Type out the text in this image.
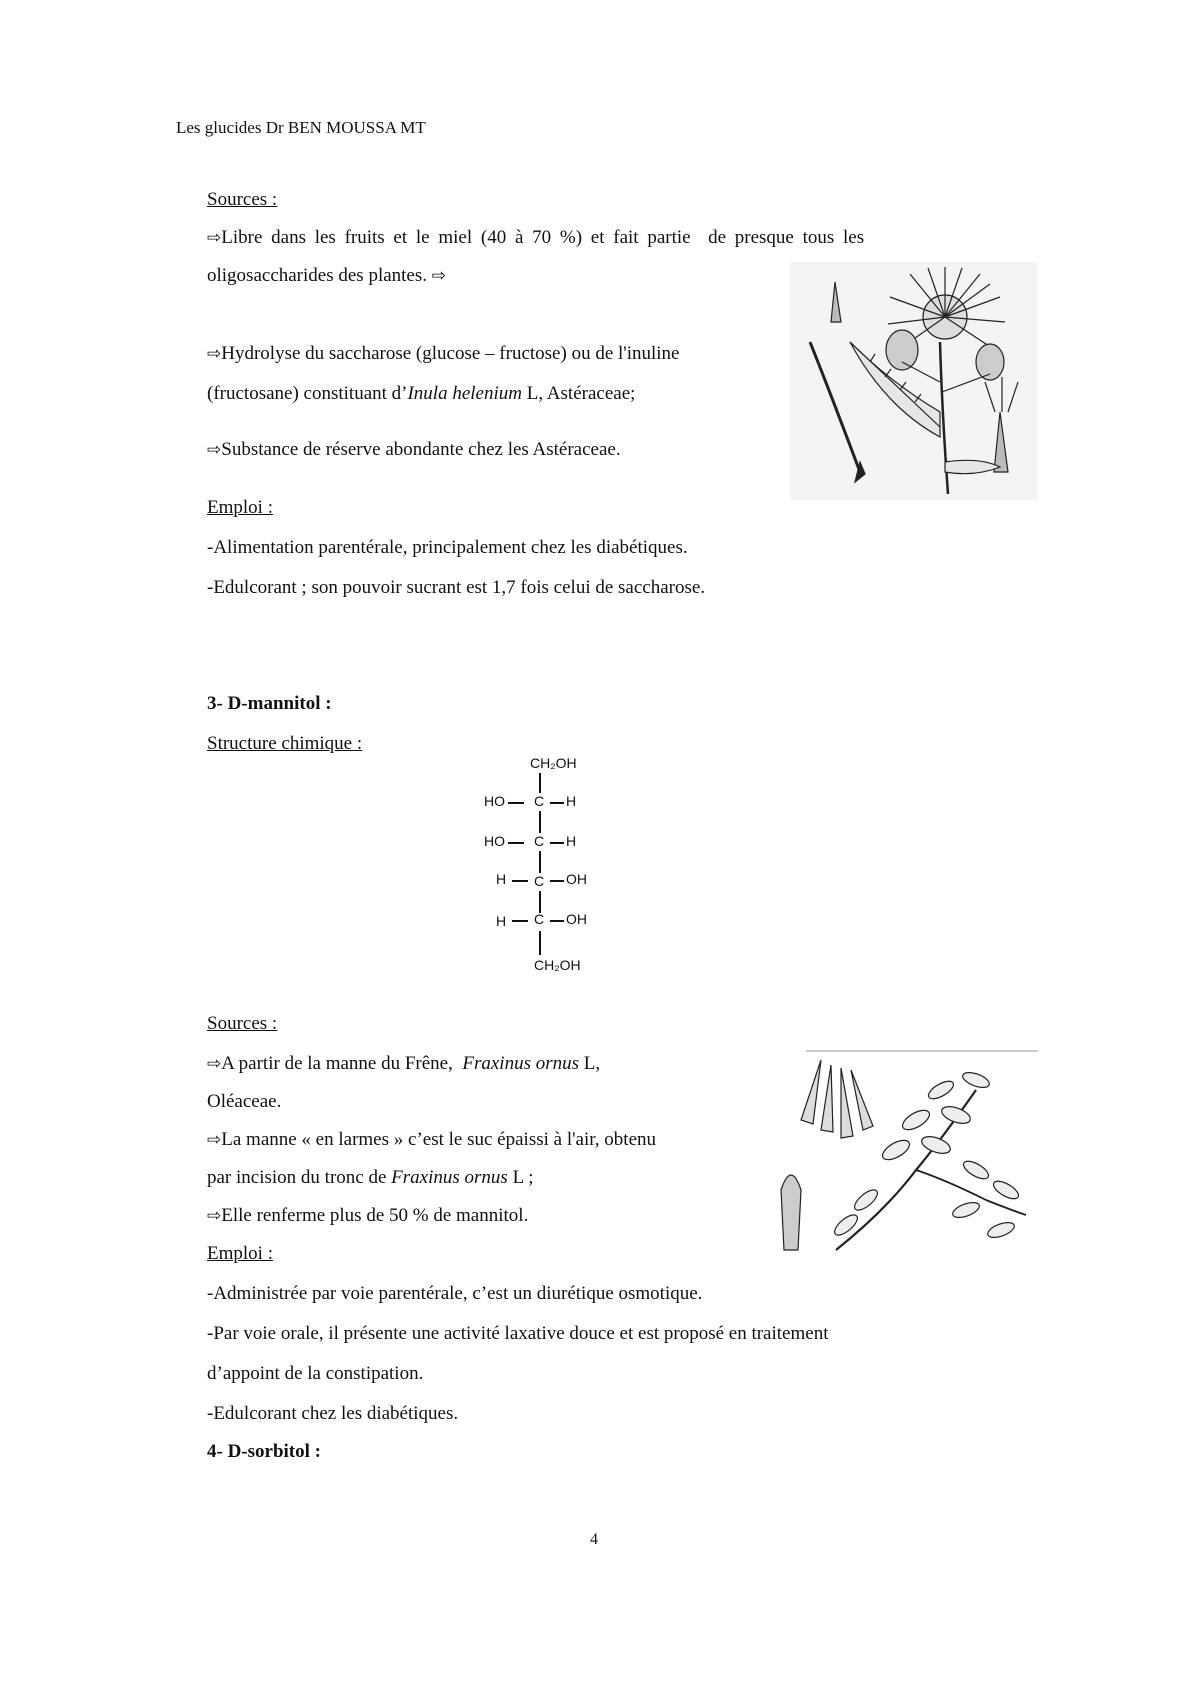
Les glucides Dr BEN MOUSSA MT
Sources :
⇨ Libre dans les fruits et le miel (40 à 70 %) et fait partie  de presque tous les
oligosaccharides des plantes. ⇨
⇨Hydrolyse du saccharose (glucose – fructose) ou de l'inuline
(fructosane) constituant d’Inula helenium L, Astéraceae;
⇨Substance de réserve abondante chez les Astéraceae.
Emploi :
-Alimentation parentérale, principalement chez les diabétiques.
-Edulcorant ; son pouvoir sucrant est 1,7 fois celui de saccharose.
3- D-mannitol :
Structure chimique :
CH₂OH
HO C H
HO C H
H C OH
H C OH
CH₂OH
Sources :
⇨A partir de la manne du Frêne,  Fraxinus ornus L,
Oléaceae.
⇨La manne « en larmes » c’est le suc épaissi à l'air, obtenu
par incision du tronc de Fraxinus ornus L ;
⇨Elle renferme plus de 50 % de mannitol.
Emploi :
-Administrée par voie parentérale, c’est un diurétique osmotique.
-Par voie orale, il présente une activité laxative douce et est proposé en traitement
d’appoint de la constipation.
-Edulcorant chez les diabétiques.
4- D-sorbitol :
4
